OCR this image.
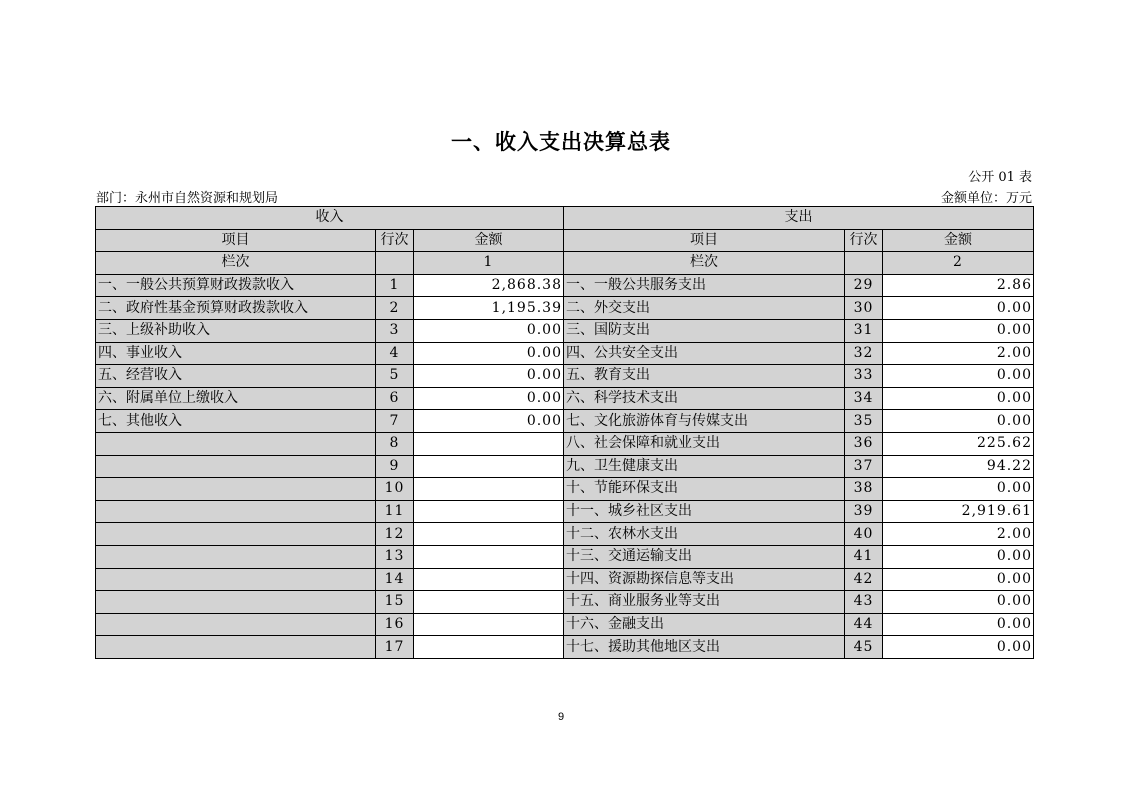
一、收入支出决算总表
公开 01 表
部门：永州市自然资源和规划局	金额单位：万元
收入			支出		
项目	行次	金额	项目	行次	金额
栏次		1	栏次		2
一、一般公共预算财政拨款收入	1	2,868.38	一、一般公共服务支出	29	2.86
二、政府性基金预算财政拨款收入	2	1,195.39	二、外交支出	30	0.00
三、上级补助收入	3	0.00	三、国防支出	31	0.00
四、事业收入	4	0.00	四、公共安全支出	32	2.00
五、经营收入	5	0.00	五、教育支出	33	0.00
六、附属单位上缴收入	6	0.00	六、科学技术支出	34	0.00
七、其他收入	7	0.00	七、文化旅游体育与传媒支出	35	0.00
	8		八、社会保障和就业支出	36	225.62
	9		九、卫生健康支出	37	94.22
	10		十、节能环保支出	38	0.00
	11		十一、城乡社区支出	39	2,919.61
	12		十二、农林水支出	40	2.00
	13		十三、交通运输支出	41	0.00
	14		十四、资源勘探信息等支出	42	0.00
	15		十五、商业服务业等支出	43	0.00
	16		十六、金融支出	44	0.00
	17		十七、援助其他地区支出	45	0.00
9
